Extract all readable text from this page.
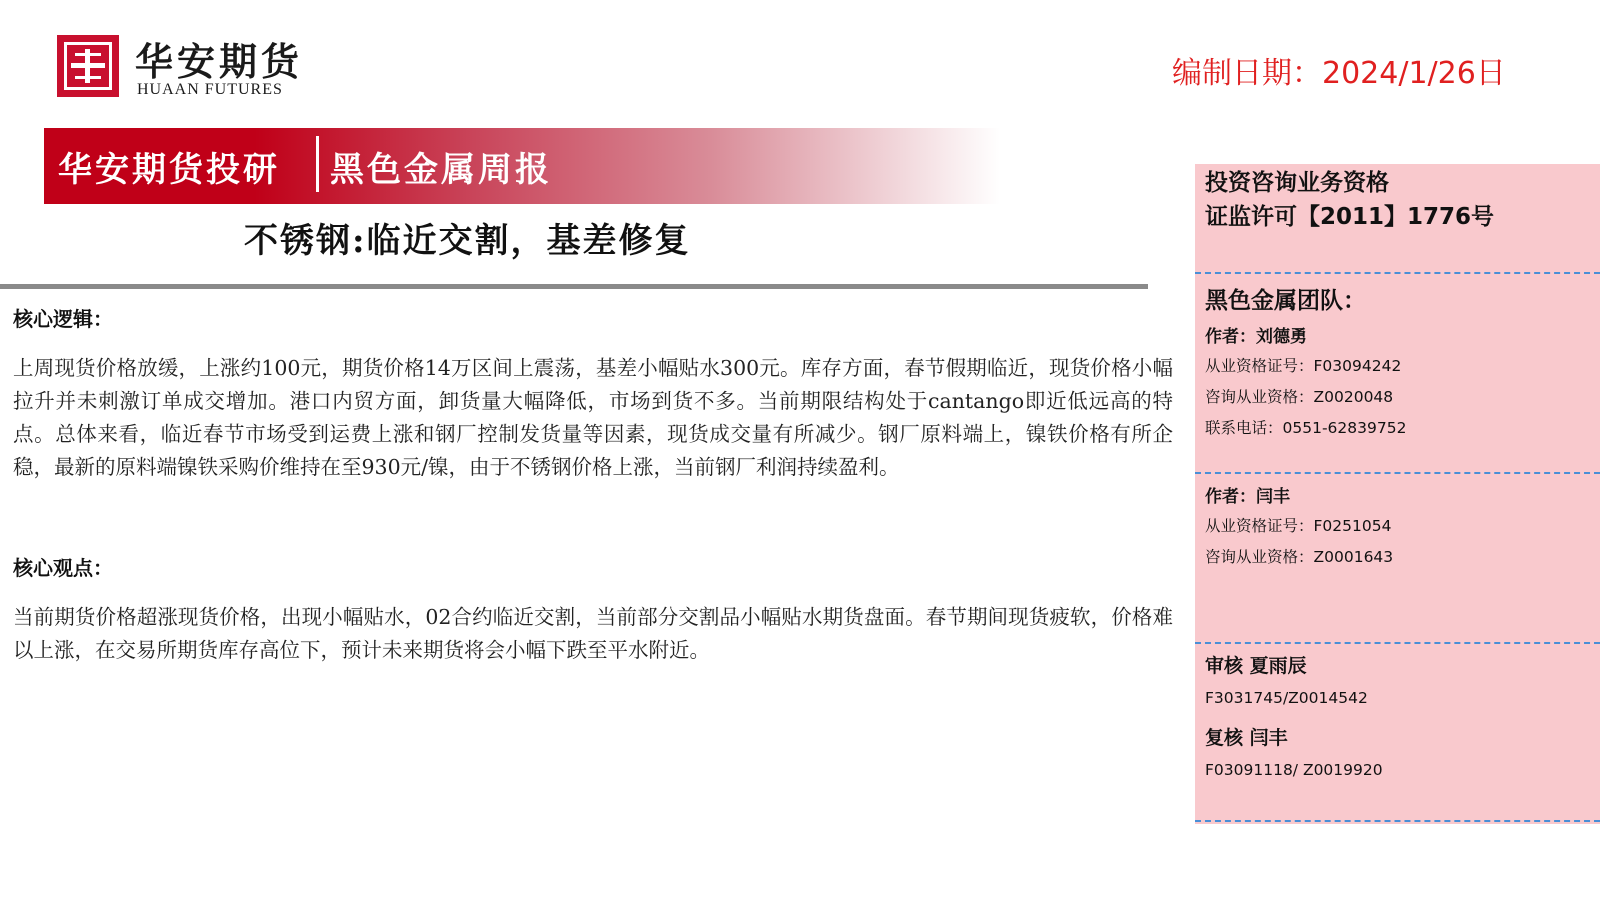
华安期货
HUAAN FUTURES	编制日期：2024/1/26日
华安期货投研 黑色金属周报
不锈钢:临近交割，基差修复
核心逻辑：
上周现货价格放缓，上涨约100元，期货价格14万区间上震荡，基差小幅贴水300元。库存方面，春节假期临近，现货价格小幅拉升并未刺激订单成交增加。港口内贸方面，卸货量大幅降低，市场到货不多。当前期限结构处于cantango即近低远高的特点。总体来看，临近春节市场受到运费上涨和钢厂控制发货量等因素，现货成交量有所减少。钢厂原料端上，镍铁价格有所企稳，最新的原料端镍铁采购价维持在至930元/镍，由于不锈钢价格上涨，当前钢厂利润持续盈利。
核心观点：
当前期货价格超涨现货价格，出现小幅贴水，02合约临近交割，当前部分交割品小幅贴水期货盘面。春节期间现货疲软，价格难以上涨，在交易所期货库存高位下，预计未来期货将会小幅下跌至平水附近。
投资咨询业务资格
证监许可【2011】1776号
黑色金属团队：
作者：刘德勇
从业资格证号：F03094242
咨询从业资格：Z0020048
联系电话：0551-62839752
作者：闫丰
从业资格证号：F0251054
咨询从业资格：Z0001643
审核 夏雨辰
F3031745/Z0014542
复核 闫丰
F03091118/ Z0019920
